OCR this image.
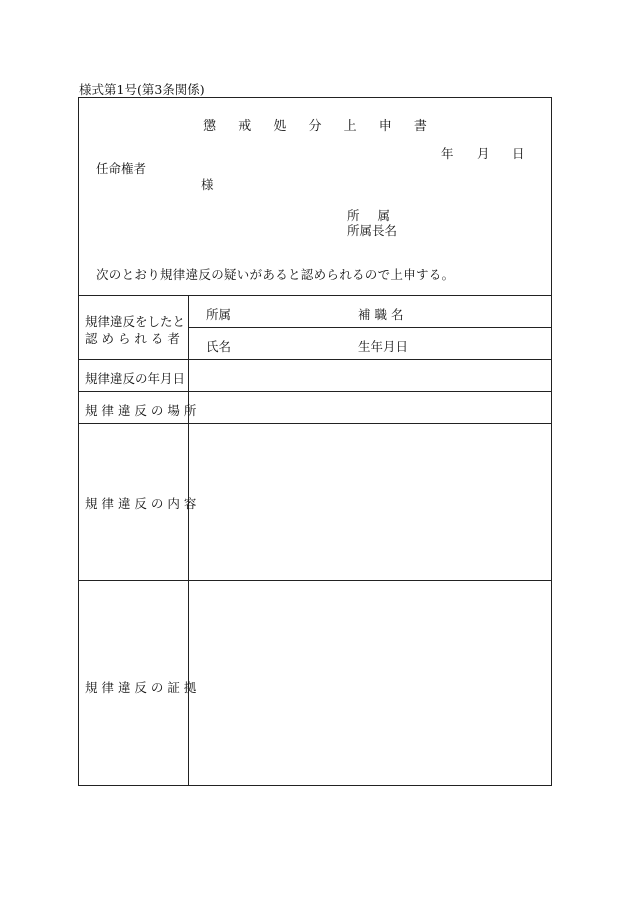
様式第1号(第3条関係)
懲 戒 処 分 上 申 書
年 月 日
任命権者
様
所属
所属長名
次のとおり規律違反の疑いがあると認められるので上申する。
規律違反をしたと
認 め ら れ る 者
所属	補 職 名
氏名	生年月日
規律違反の年月日
規 律 違 反 の 場 所
規 律 違 反 の 内 容
規 律 違 反 の 証 拠
